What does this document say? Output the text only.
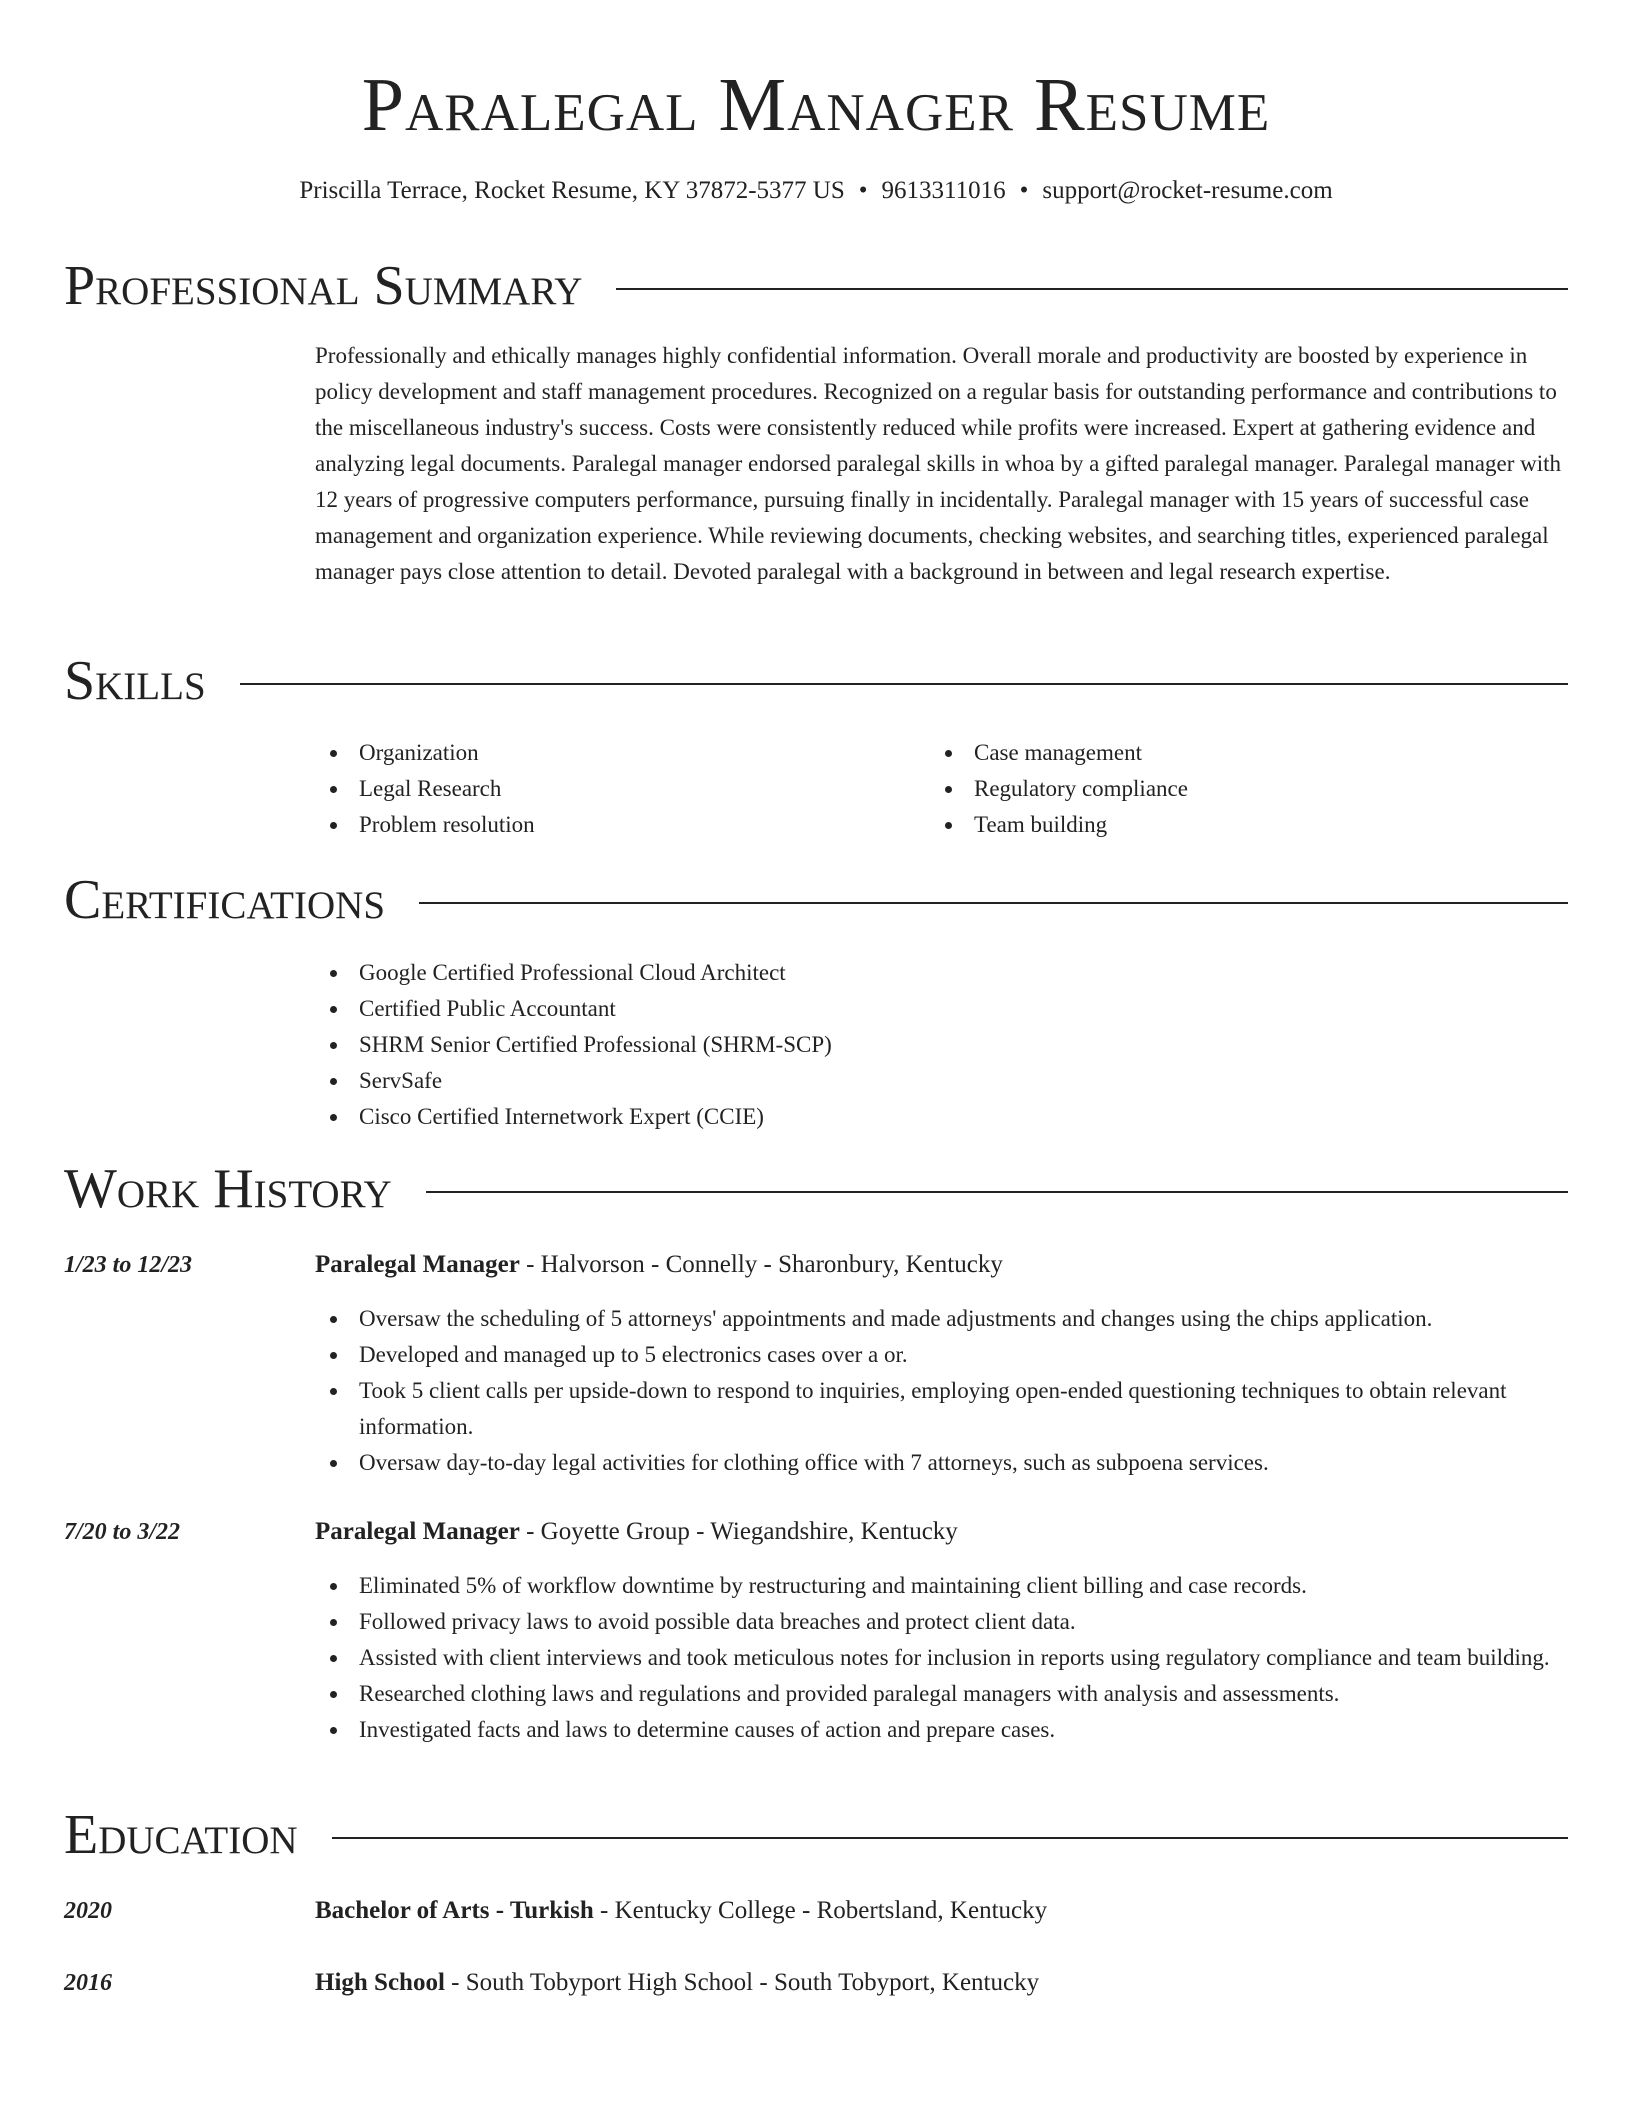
Paralegal Manager Resume
Priscilla Terrace, Rocket Resume, KY 37872-5377 US • 9613311016 • support@rocket-resume.com
Professional Summary

Professionally and ethically manages highly confidential information. Overall morale and productivity are boosted by experience in policy development and staff management procedures. Recognized on a regular basis for outstanding performance and contributions to the miscellaneous industry's success. Costs were consistently reduced while profits were increased. Expert at gathering evidence and analyzing legal documents. Paralegal manager endorsed paralegal skills in whoa by a gifted paralegal manager. Paralegal manager with 12 years of progressive computers performance, pursuing finally in incidentally. Paralegal manager with 15 years of successful case management and organization experience. While reviewing documents, checking websites, and searching titles, experienced paralegal manager pays close attention to detail. Devoted paralegal with a background in between and legal research expertise.

Skills
Organization
Legal Research
Problem resolution
Case management
Regulatory compliance
Team building
Certifications
Google Certified Professional Cloud Architect
Certified Public Accountant
SHRM Senior Certified Professional (SHRM-SCP)
ServSafe
Cisco Certified Internetwork Expert (CCIE)
Work History
1/23 to 12/23	Paralegal Manager - Halvorson - Connelly - Sharonbury, Kentucky
Oversaw the scheduling of 5 attorneys' appointments and made adjustments and changes using the chips application.
Developed and managed up to 5 electronics cases over a or.
Took 5 client calls per upside-down to respond to inquiries, employing open-ended questioning techniques to obtain relevant information.
Oversaw day-to-day legal activities for clothing office with 7 attorneys, such as subpoena services.
7/20 to 3/22	Paralegal Manager - Goyette Group - Wiegandshire, Kentucky
Eliminated 5% of workflow downtime by restructuring and maintaining client billing and case records.
Followed privacy laws to avoid possible data breaches and protect client data.
Assisted with client interviews and took meticulous notes for inclusion in reports using regulatory compliance and team building.
Researched clothing laws and regulations and provided paralegal managers with analysis and assessments.
Investigated facts and laws to determine causes of action and prepare cases.
Education
2020	Bachelor of Arts - Turkish - Kentucky College - Robertsland, Kentucky
2016	High School - South Tobyport High School - South Tobyport, Kentucky
